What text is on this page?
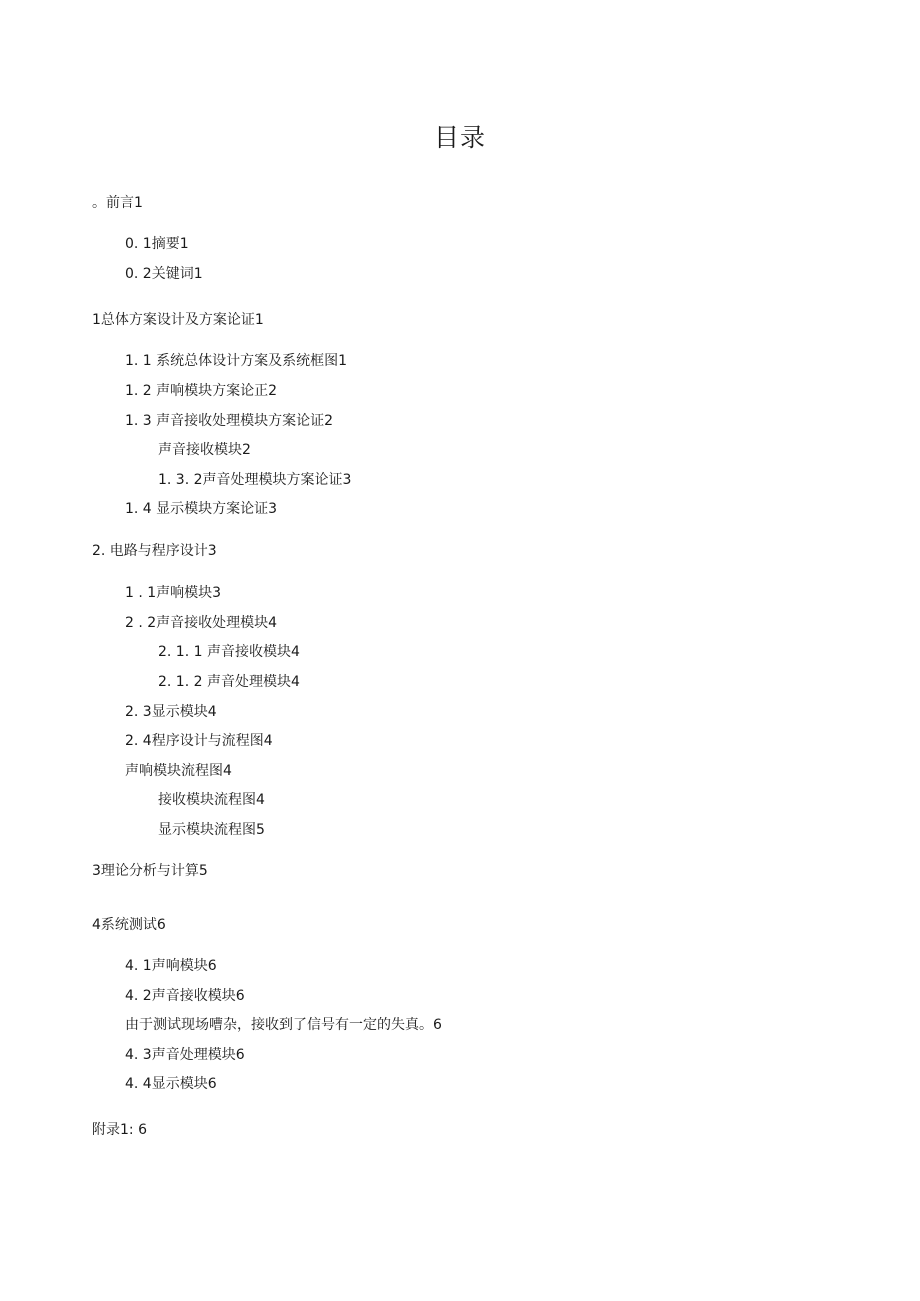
目录
。前言1
0. 1摘要1
0. 2关键词1
1总体方案设计及方案论证1
1. 1 系统总体设计方案及系统框图1
1. 2 声响模块方案论正2
1. 3 声音接收处理模块方案论证2
声音接收模块2
1. 3. 2声音处理模块方案论证3
1. 4 显示模块方案论证3
2. 电路与程序设计3
1 . 1声响模块3
2 . 2声音接收处理模块4
2. 1. 1 声音接收模块4
2. 1. 2 声音处理模块4
2. 3显示模块4
2. 4程序设计与流程图4
声响模块流程图4
接收模块流程图4
显示模块流程图5
3理论分析与计算5
4系统测试6
4. 1声响模块6
4. 2声音接收模块6
由于测试现场嘈杂，接收到了信号有一定的失真。6
4. 3声音处理模块6
4. 4显示模块6
附录1: 6
